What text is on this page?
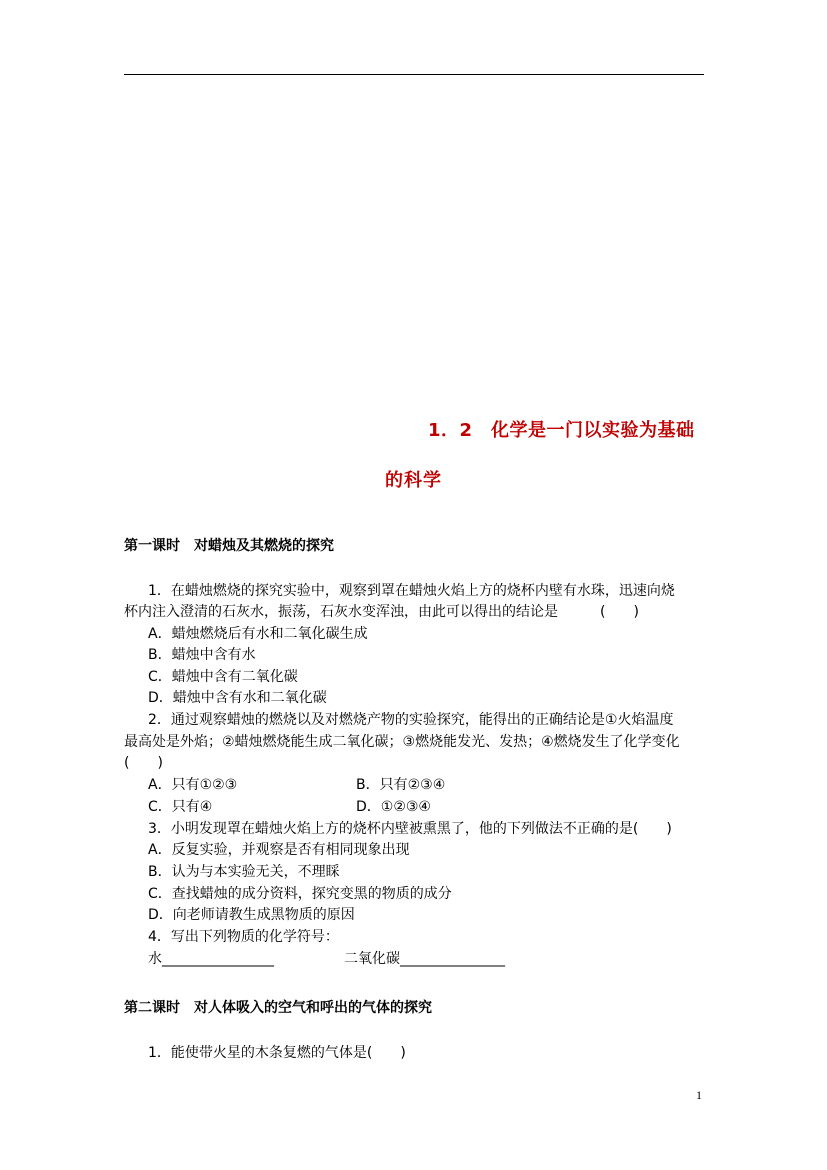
1．2　化学是一门以实验为基础
的科学
第一课时　对蜡烛及其燃烧的探究
1．在蜡烛燃烧的探究实验中，观察到罩在蜡烛火焰上方的烧杯内壁有水珠，迅速向烧
杯内注入澄清的石灰水，振荡，石灰水变浑浊，由此可以得出的结论是　　　(　　)
A．蜡烛燃烧后有水和二氧化碳生成
B．蜡烛中含有水
C．蜡烛中含有二氧化碳
D．蜡烛中含有水和二氧化碳
2．通过观察蜡烛的燃烧以及对燃烧产物的实验探究，能得出的正确结论是①火焰温度
最高处是外焰；②蜡烛燃烧能生成二氧化碳；③燃烧能发光、发热；④燃烧发生了化学变化
(　　)
A．只有①②③	B．只有②③④
C．只有④	D．①②③④
3．小明发现罩在蜡烛火焰上方的烧杯内壁被熏黑了，他的下列做法不正确的是(　　)
A．反复实验，并观察是否有相同现象出现
B．认为与本实验无关，不理睬
C．查找蜡烛的成分资料，探究变黑的物质的成分
D．向老师请教生成黑物质的原因
4．写出下列物质的化学符号：
水________________	二氧化碳_______________
第二课时　对人体吸入的空气和呼出的气体的探究
1．能使带火星的木条复燃的气体是(　　)
1
